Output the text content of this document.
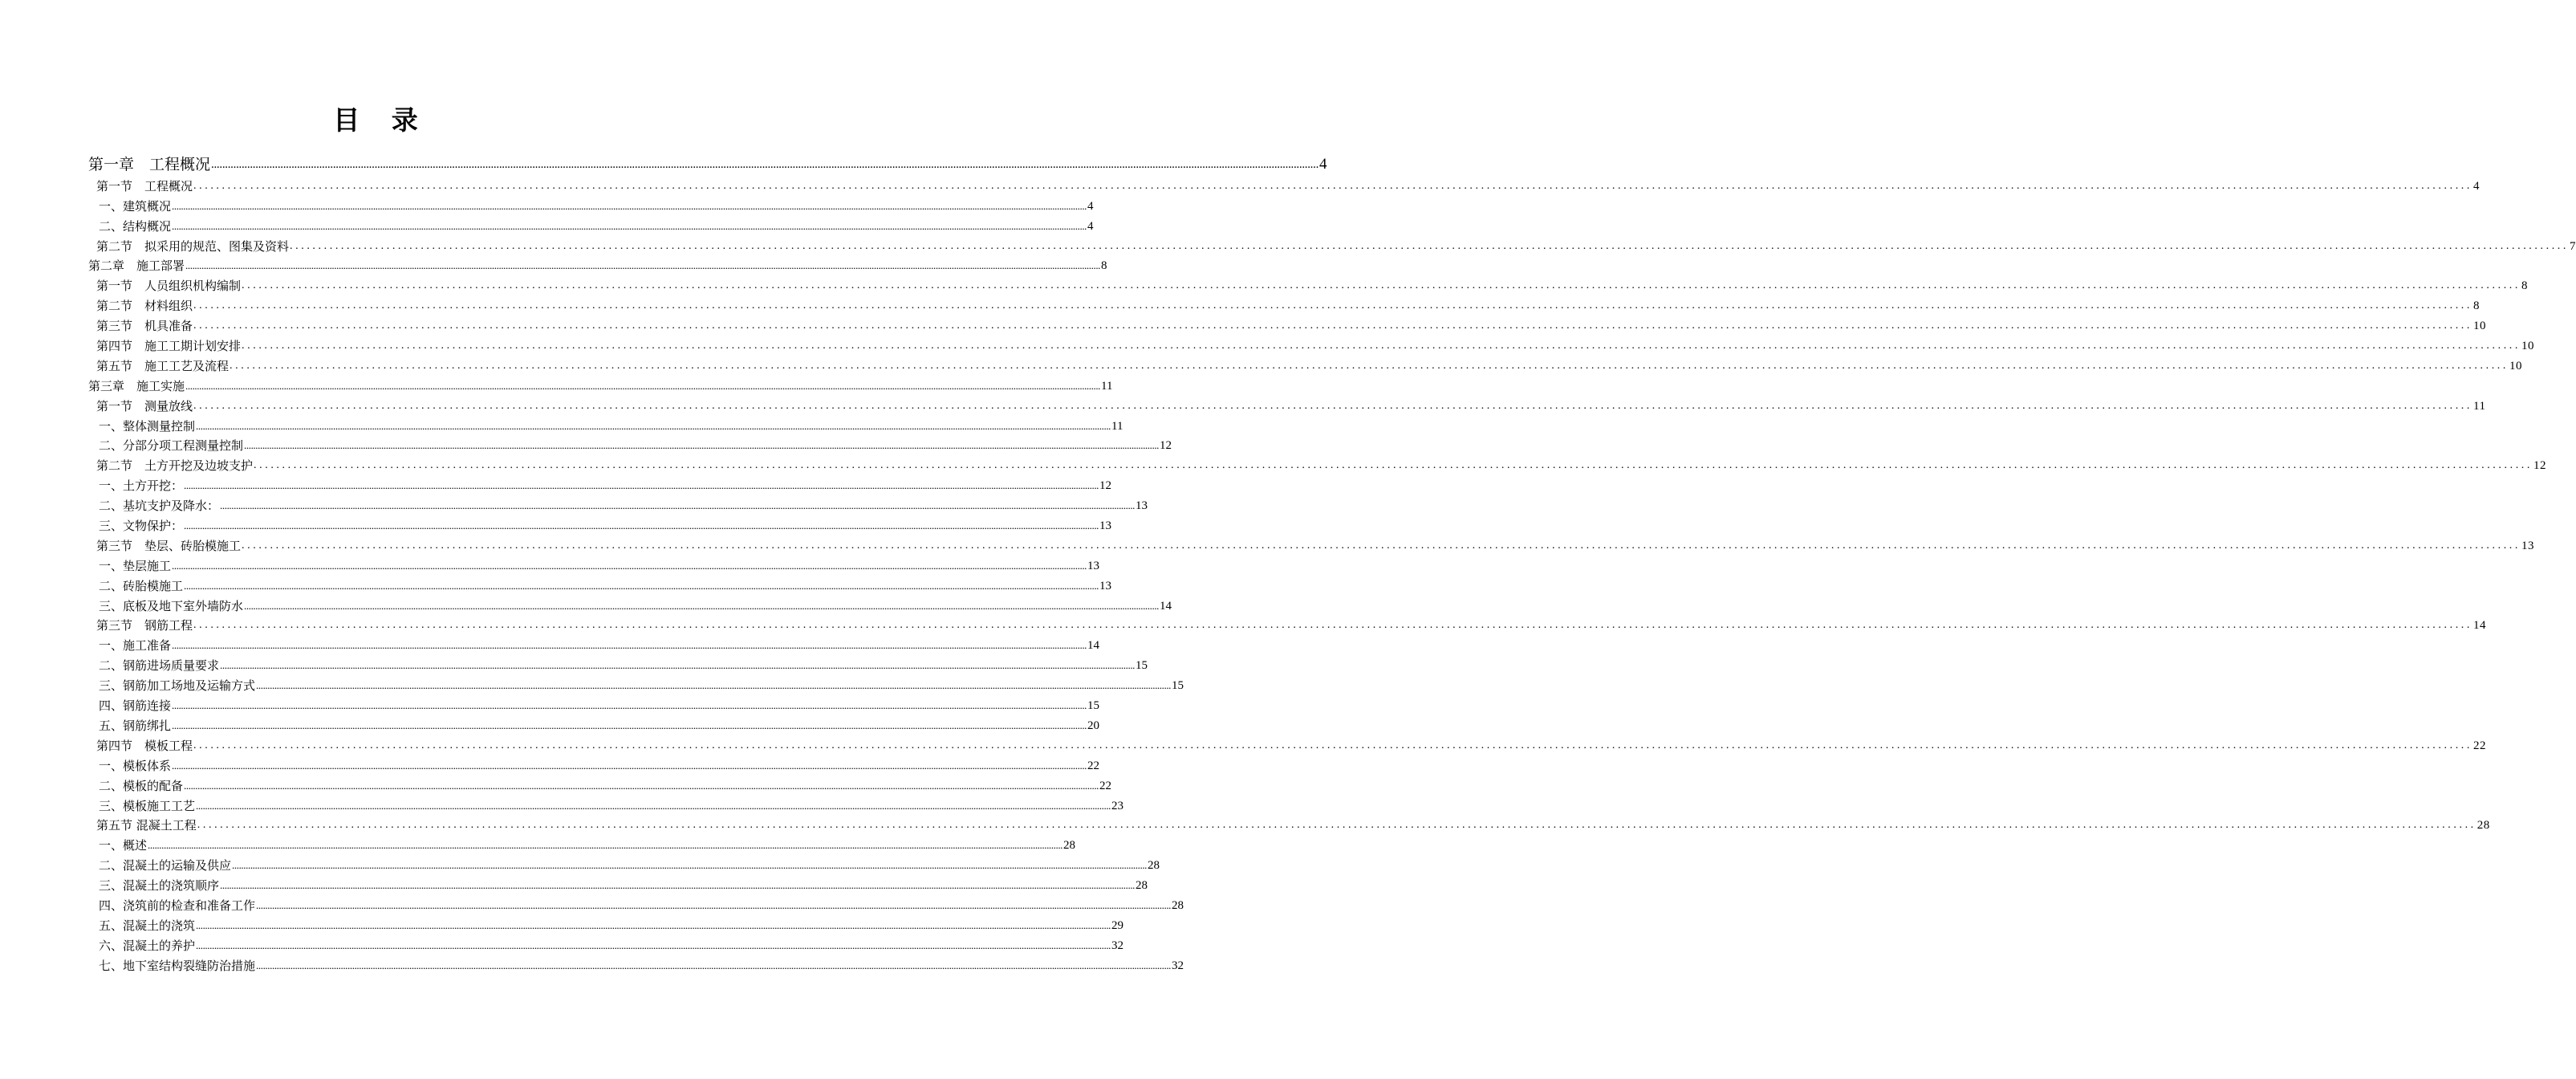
目 录
第一章　工程概况 ................................................................................................................................................................................................................................................................................................................................................................................................................ 4
第一节　工程概况 ................................................................................................................................................................................................................................................................................................................................................................................................................ 4
一、建筑概况 ................................................................................................................................................................................................................................................................................................................................................................................................................ 4
二、结构概况 ................................................................................................................................................................................................................................................................................................................................................................................................................ 4
第二节　拟采用的规范、图集及资料 ................................................................................................................................................................................................................................................................................................................................................................................................................ 7
第二章　施工部署 ................................................................................................................................................................................................................................................................................................................................................................................................................ 8
第一节　人员组织机构编制 ................................................................................................................................................................................................................................................................................................................................................................................................................ 8
第二节　材料组织 ................................................................................................................................................................................................................................................................................................................................................................................................................ 8
第三节　机具准备 ................................................................................................................................................................................................................................................................................................................................................................................................................ 10
第四节　施工工期计划安排 ................................................................................................................................................................................................................................................................................................................................................................................................................ 10
第五节　施工工艺及流程 ................................................................................................................................................................................................................................................................................................................................................................................................................ 10
第三章　施工实施 ................................................................................................................................................................................................................................................................................................................................................................................................................ 11
第一节　测量放线 ................................................................................................................................................................................................................................................................................................................................................................................................................ 11
一、整体测量控制 ................................................................................................................................................................................................................................................................................................................................................................................................................ 11
二、分部分项工程测量控制 ................................................................................................................................................................................................................................................................................................................................................................................................................ 12
第二节　土方开挖及边坡支护 ................................................................................................................................................................................................................................................................................................................................................................................................................ 12
一、土方开挖： ................................................................................................................................................................................................................................................................................................................................................................................................................ 12
二、基坑支护及降水： ................................................................................................................................................................................................................................................................................................................................................................................................................ 13
三、文物保护： ................................................................................................................................................................................................................................................................................................................................................................................................................ 13
第三节　垫层、砖胎模施工 ................................................................................................................................................................................................................................................................................................................................................................................................................ 13
一、垫层施工 ................................................................................................................................................................................................................................................................................................................................................................................................................ 13
二、砖胎模施工 ................................................................................................................................................................................................................................................................................................................................................................................................................ 13
三、底板及地下室外墙防水 ................................................................................................................................................................................................................................................................................................................................................................................................................ 14
第三节　钢筋工程 ................................................................................................................................................................................................................................................................................................................................................................................................................ 14
一、施工准备 ................................................................................................................................................................................................................................................................................................................................................................................................................ 14
二、钢筋进场质量要求 ................................................................................................................................................................................................................................................................................................................................................................................................................ 15
三、钢筋加工场地及运输方式 ................................................................................................................................................................................................................................................................................................................................................................................................................ 15
四、钢筋连接 ................................................................................................................................................................................................................................................................................................................................................................................................................ 15
五、钢筋绑扎 ................................................................................................................................................................................................................................................................................................................................................................................................................ 20
第四节　模板工程 ................................................................................................................................................................................................................................................................................................................................................................................................................ 22
一、模板体系 ................................................................................................................................................................................................................................................................................................................................................................................................................ 22
二、模板的配备 ................................................................................................................................................................................................................................................................................................................................................................................................................ 22
三、模板施工工艺 ................................................................................................................................................................................................................................................................................................................................................................................................................ 23
第五节 混凝土工程 ................................................................................................................................................................................................................................................................................................................................................................................................................ 28
一、概述 ................................................................................................................................................................................................................................................................................................................................................................................................................ 28
二、混凝土的运输及供应 ................................................................................................................................................................................................................................................................................................................................................................................................................ 28
三、混凝土的浇筑顺序 ................................................................................................................................................................................................................................................................................................................................................................................................................ 28
四、浇筑前的检查和准备工作 ................................................................................................................................................................................................................................................................................................................................................................................................................ 28
五、混凝土的浇筑 ................................................................................................................................................................................................................................................................................................................................................................................................................ 29
六、混凝土的养护 ................................................................................................................................................................................................................................................................................................................................................................................................................ 32
七、地下室结构裂缝防治措施 ................................................................................................................................................................................................................................................................................................................................................................................................................ 32
